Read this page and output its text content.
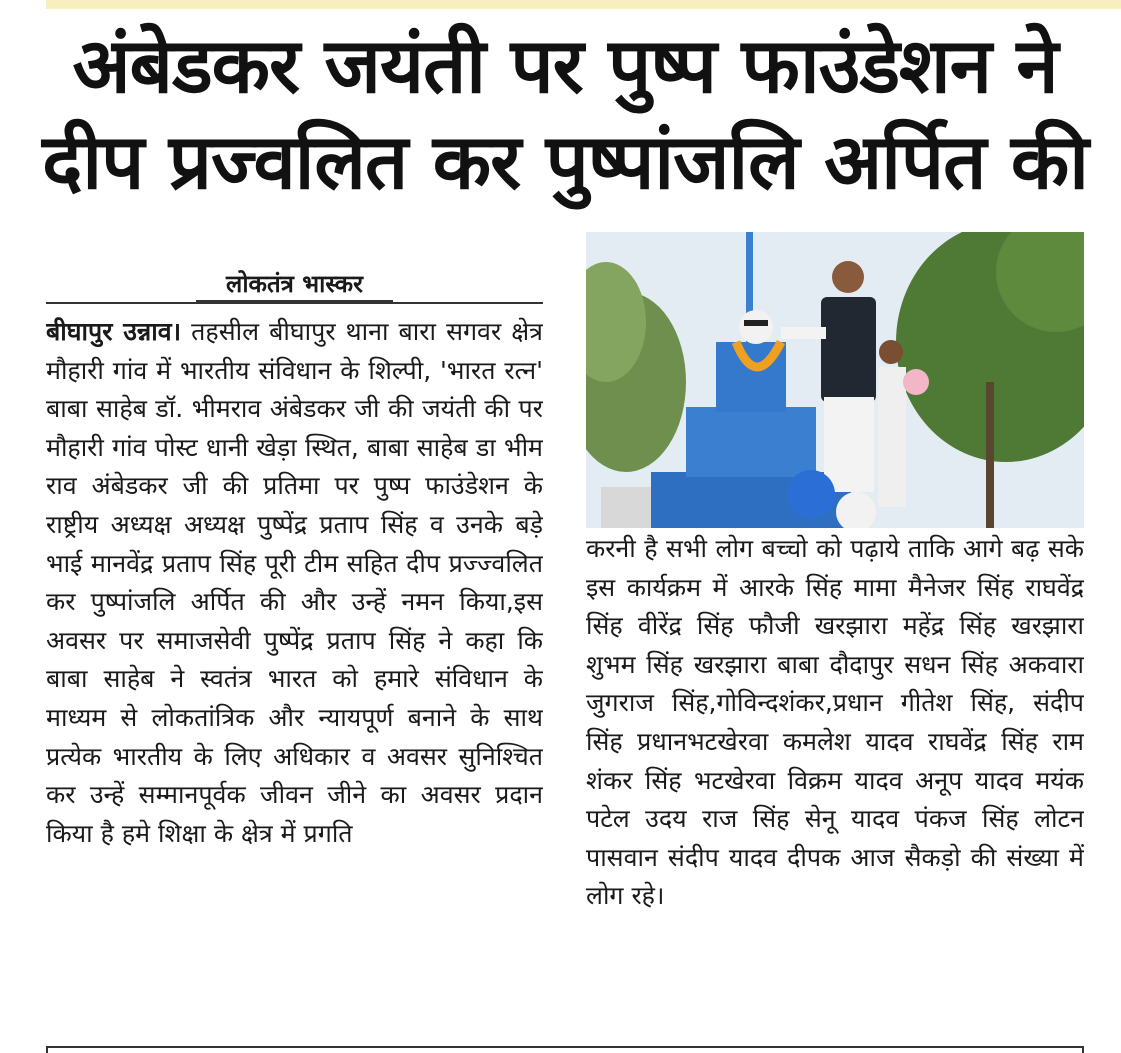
अंबेडकर जयंती पर पुष्प फाउंडेशन ने
दीप प्रज्वलित कर पुष्पांजलि अर्पित की
लोकतंत्र भास्कर

बीघापुर उन्नाव। तहसील बीघापुर थाना बारा सगवर क्षेत्र मौहारी गांव में भारतीय संविधान के शिल्पी, 'भारत रत्न' बाबा साहेब डॉ. भीमराव अंबेडकर जी की जयंती की पर मौहारी गांव पोस्ट धानी खेड़ा स्थित, बाबा साहेब डा भीम राव अंबेडकर जी की प्रतिमा पर पुष्प फाउंडेशन के राष्ट्रीय अध्यक्ष अध्यक्ष पुष्पेंद्र प्रताप सिंह व उनके बड़े भाई मानवेंद्र प्रताप सिंह पूरी टीम सहित दीप प्रज्ज्वलित कर पुष्पांजलि अर्पित की और उन्हें नमन किया,इस अवसर पर समाजसेवी पुष्पेंद्र प्रताप सिंह ने कहा कि बाबा साहेब ने स्वतंत्र भारत को हमारे संविधान के माध्यम से लोकतांत्रिक और न्यायपूर्ण बनाने के साथ प्रत्येक भारतीय के लिए अधिकार व अवसर सुनिश्चित कर उन्हें सम्मानपूर्वक जीवन जीने का अवसर प्रदान किया है हमे शिक्षा के क्षेत्र में प्रगति

करनी है सभी लोग बच्चो को पढ़ाये ताकि आगे बढ़ सके इस कार्यक्रम में आरके सिंह मामा मैनेजर सिंह राघवेंद्र सिंह वीरेंद्र सिंह फौजी खरझारा महेंद्र सिंह खरझारा शुभम सिंह खरझारा बाबा दौदापुर सधन सिंह अकवारा जुगराज सिंह,गोविन्दशंकर,प्रधान गीतेश सिंह, संदीप सिंह प्रधानभटखेरवा कमलेश यादव राघवेंद्र सिंह राम शंकर सिंह भटखेरवा विक्रम यादव अनूप यादव मयंक पटेल उदय राज सिंह सेनू यादव पंकज सिंह लोटन पासवान संदीप यादव दीपक आज सैकड़ो की संख्या में लोग रहे।
